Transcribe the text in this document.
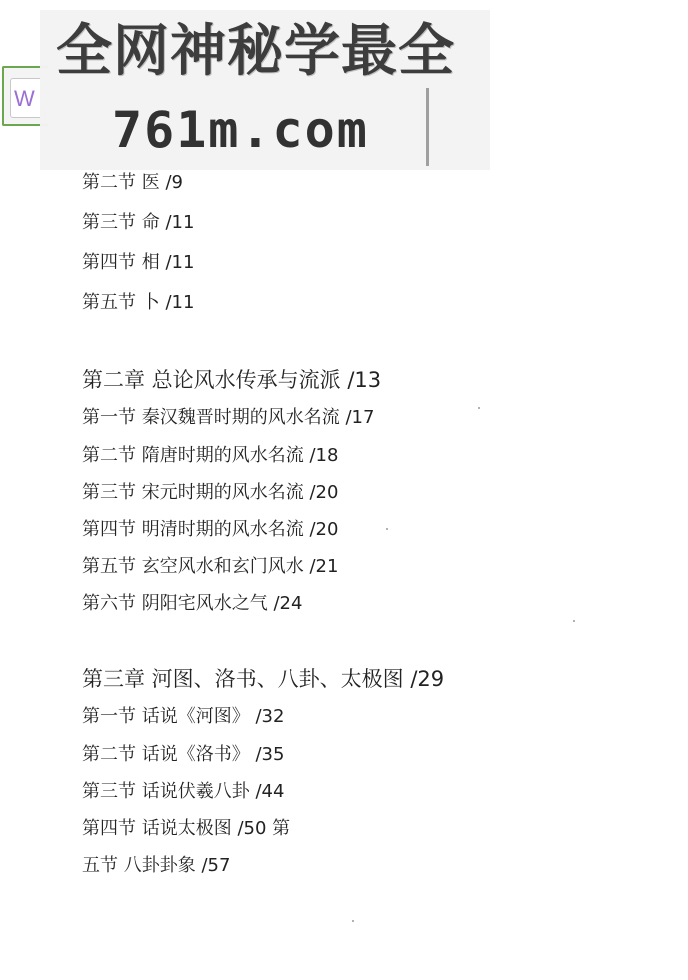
W
全网神秘学最全
761m.com
第二节 医 /9
第三节 命 /11
第四节 相 /11
第五节 卜 /11
第二章 总论风水传承与流派 /13
第一节 秦汉魏晋时期的风水名流 /17
第二节 隋唐时期的风水名流 /18
第三节 宋元时期的风水名流 /20
第四节 明清时期的风水名流 /20
第五节 玄空风水和玄门风水 /21
第六节 阴阳宅风水之气 /24
第三章 河图、洛书、八卦、太极图 /29
第一节 话说《河图》 /32
第二节 话说《洛书》 /35
第三节 话说伏羲八卦 /44
第四节 话说太极图 /50 第
五节 八卦卦象 /57
